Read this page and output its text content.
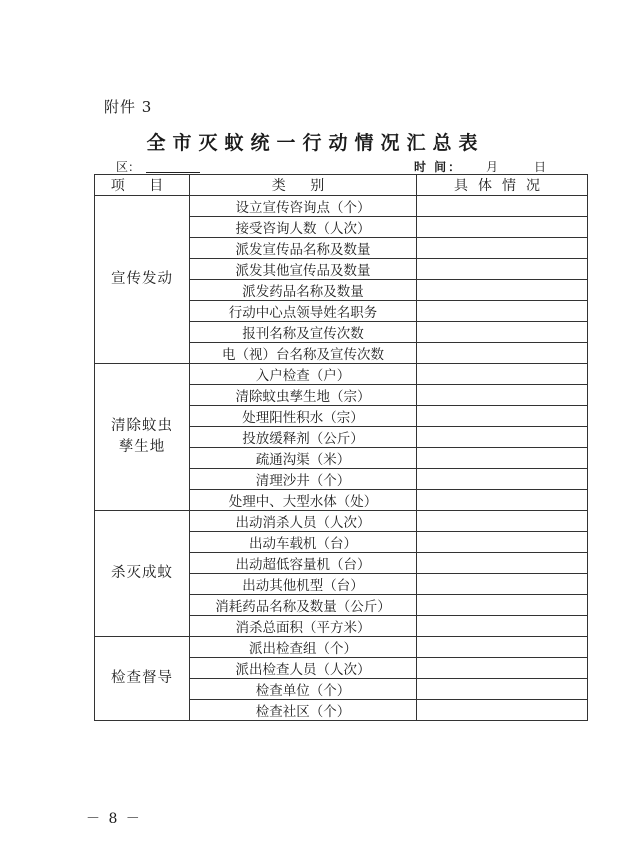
附件 3
全市灭蚊统一行动情况汇总表
区：	时 间： 月	日
项 目	类 别	具体情况
宣传发动	设立宣传咨询点（个）	
	接受咨询人数（人次）	
	派发宣传品名称及数量	
	派发其他宣传品及数量	
	派发药品名称及数量	
	行动中心点领导姓名职务	
	报刊名称及宣传次数	
	电（视）台名称及宣传次数	
清除蚊虫孳生地	入户检查（户）	
	清除蚊虫孳生地（宗）	
	处理阳性积水（宗）	
	投放缓释剂（公斤）	
	疏通沟渠（米）	
	清理沙井（个）	
	处理中、大型水体（处）	
杀灭成蚊	出动消杀人员（人次）	
	出动车载机（台）	
	出动超低容量机（台）	
	出动其他机型（台）	
	消耗药品名称及数量（公斤）	
	消杀总面积（平方米）	
检查督导	派出检查组（个）	
	派出检查人员（人次）	
	检查单位（个）	
	检查社区（个）	
－ 8 －
